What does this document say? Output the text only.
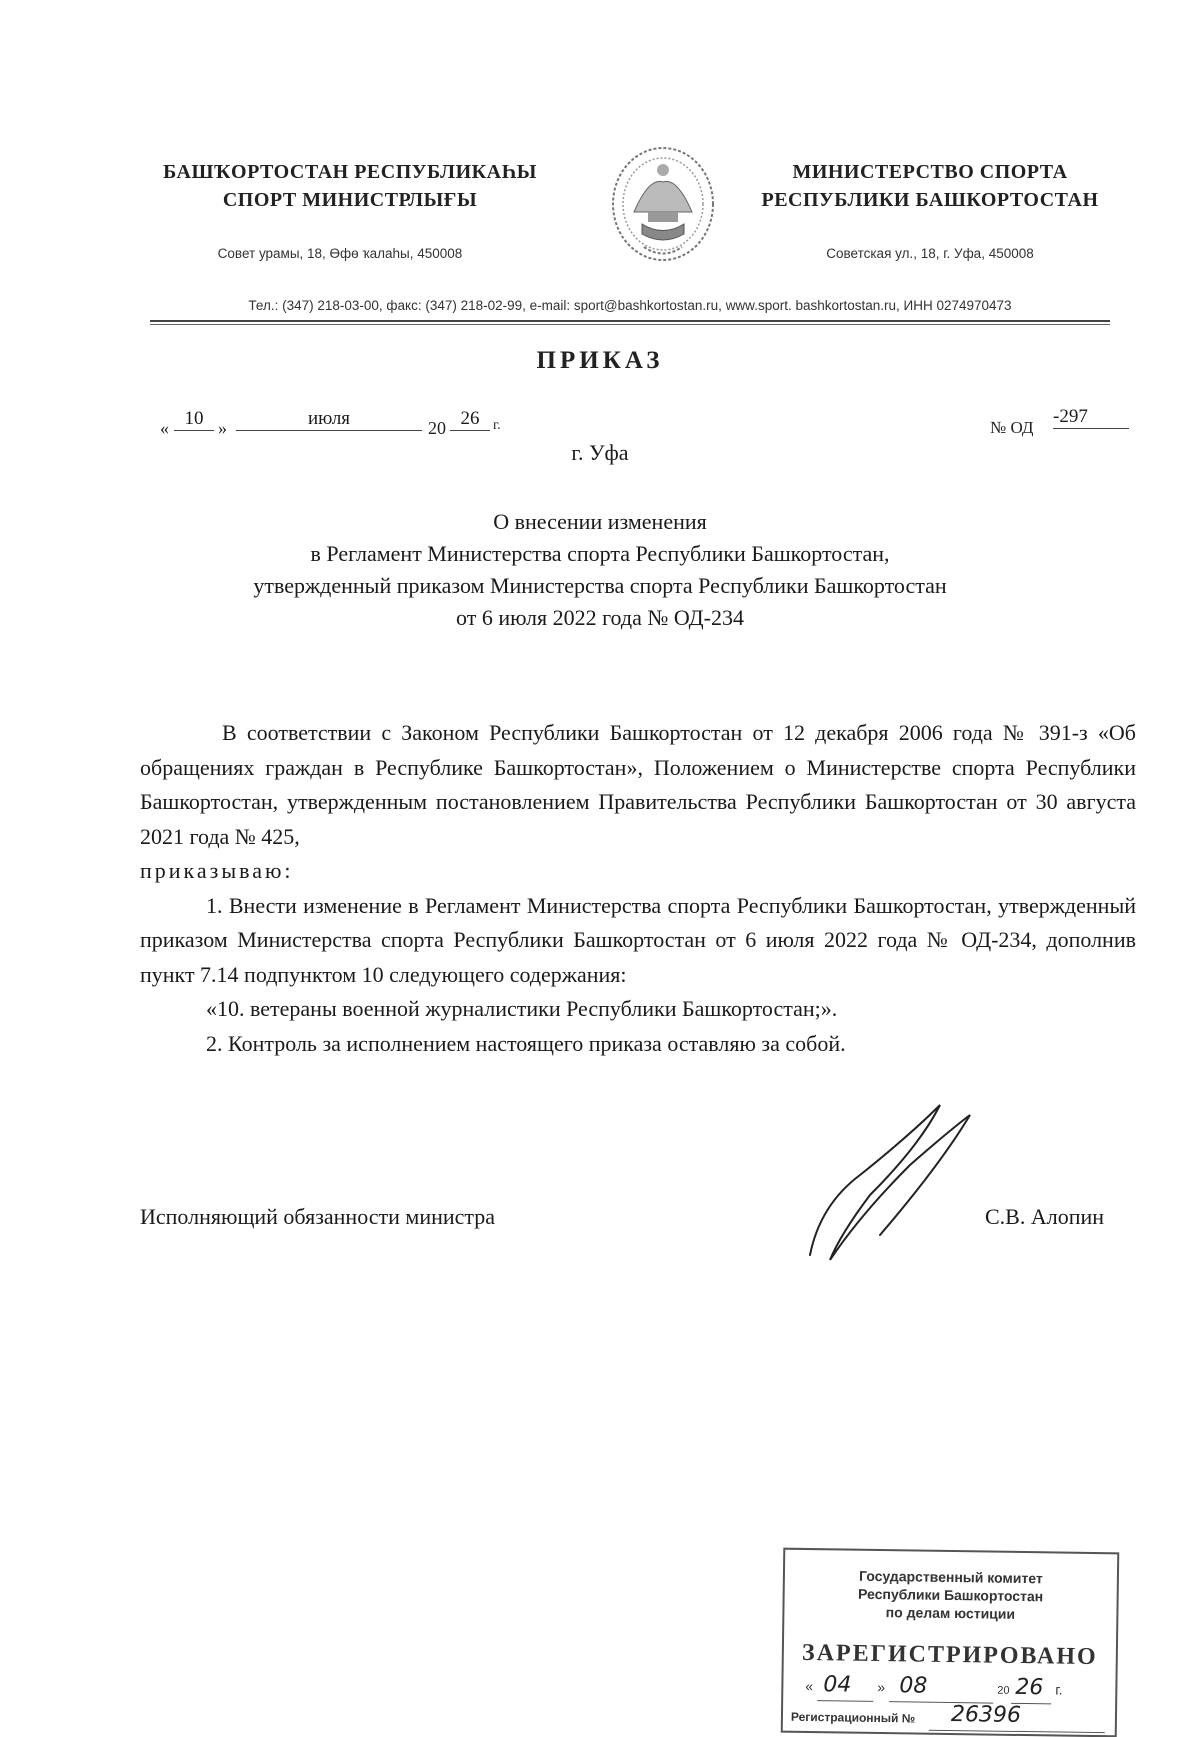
БАШҠОРТОСТАН РЕСПУБЛИКАҺЫ
СПОРТ МИНИСТРЛЫҒЫ
МИНИСТЕРСТВО СПОРТА
РЕСПУБЛИКИ БАШКОРТОСТАН
Совет урамы, 18, Өфө ҡалаһы, 450008	Советская ул., 18, г. Уфа, 450008
Тел.: (347) 218-03-00, факс: (347) 218-02-99, e-mail: sport@bashkortostan.ru, www.sport. bashkortostan.ru, ИНН 0274970473
ПРИКАЗ
« 10 »	июля	20 26 г.	№ ОД
-297
г. Уфа
О внесении изменения
в Регламент Министерства спорта Республики Башкортостан,
утвержденный приказом Министерства спорта Республики Башкортостан
от 6 июля 2022 года № ОД-234

В соответствии с Законом Республики Башкортостан от 12 декабря 2006 года № 391-з «Об обращениях граждан в Республике Башкортостан», Положением о Министерстве спорта Республики Башкортостан, утвержденным постановлением Правительства Республики Башкортостан от 30 августа 2021 года № 425,
приказываю:

1. Внести изменение в Регламент Министерства спорта Республики Башкортостан, утвержденный приказом Министерства спорта Республики Башкортостан от 6 июля 2022 года № ОД-234, дополнив пункт 7.14 подпунктом 10 следующего содержания:

«10. ветераны военной журналистики Республики Башкортостан;».

2. Контроль за исполнением настоящего приказа оставляю за собой.

Исполняющий обязанности министра	С.В. Алопин
Государственный комитет
Республики Башкортостан
по делам юстиции
ЗАРЕГИСТРИРОВАНО
« 04 » 08	20 26 г.
Регистрационный № 26396
